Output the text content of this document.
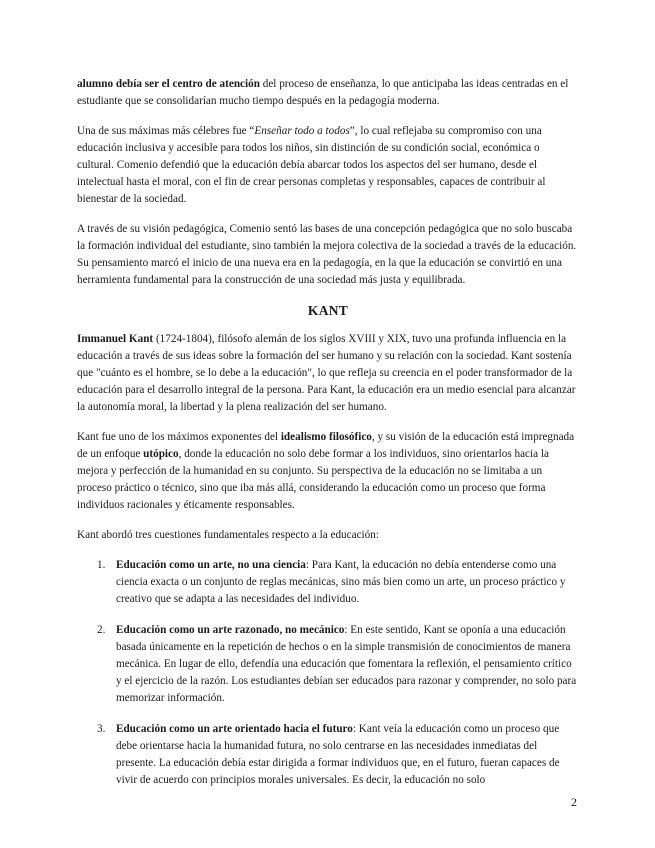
alumno debía ser el centro de atención del proceso de enseñanza, lo que anticipaba las ideas centradas en el estudiante que se consolidarían mucho tiempo después en la pedagogía moderna.

Una de sus máximas más célebres fue “Enseñar todo a todos”, lo cual reflejaba su compromiso con una educación inclusiva y accesible para todos los niños, sin distinción de su condición social, económica o cultural. Comenio defendió que la educación debía abarcar todos los aspectos del ser humano, desde el intelectual hasta el moral, con el fin de crear personas completas y responsables, capaces de contribuir al bienestar de la sociedad.

A través de su visión pedagógica, Comenio sentó las bases de una concepción pedagógica que no solo buscaba la formación individual del estudiante, sino también la mejora colectiva de la sociedad a través de la educación. Su pensamiento marcó el inicio de una nueva era en la pedagogía, en la que la educación se convirtió en una herramienta fundamental para la construcción de una sociedad más justa y equilibrada.

KANT

Immanuel Kant (1724-1804), filósofo alemán de los siglos XVIII y XIX, tuvo una profunda influencia en la educación a través de sus ideas sobre la formación del ser humano y su relación con la sociedad. Kant sostenía que "cuánto es el hombre, se lo debe a la educación", lo que refleja su creencia en el poder transformador de la educación para el desarrollo integral de la persona. Para Kant, la educación era un medio esencial para alcanzar la autonomía moral, la libertad y la plena realización del ser humano.

Kant fue uno de los máximos exponentes del idealismo filosófico, y su visión de la educación está impregnada de un enfoque utópico, donde la educación no solo debe formar a los individuos, sino orientarlos hacia la mejora y perfección de la humanidad en su conjunto. Su perspectiva de la educación no se limitaba a un proceso práctico o técnico, sino que iba más allá, considerando la educación como un proceso que forma individuos racionales y éticamente responsables.

Kant abordó tres cuestiones fundamentales respecto a la educación:

1. Educación como un arte, no una ciencia: Para Kant, la educación no debía entenderse como una ciencia exacta o un conjunto de reglas mecánicas, sino más bien como un arte, un proceso práctico y creativo que se adapta a las necesidades del individuo.
2. Educación como un arte razonado, no mecánico: En este sentido, Kant se oponía a una educación basada únicamente en la repetición de hechos o en la simple transmisión de conocimientos de manera mecánica. En lugar de ello, defendía una educación que fomentara la reflexión, el pensamiento crítico y el ejercicio de la razón. Los estudiantes debían ser educados para razonar y comprender, no solo para memorizar información.
3. Educación como un arte orientado hacia el futuro: Kant veía la educación como un proceso que debe orientarse hacia la humanidad futura, no solo centrarse en las necesidades inmediatas del presente. La educación debía estar dirigida a formar individuos que, en el futuro, fueran capaces de vivir de acuerdo con principios morales universales. Es decir, la educación no solo
2
